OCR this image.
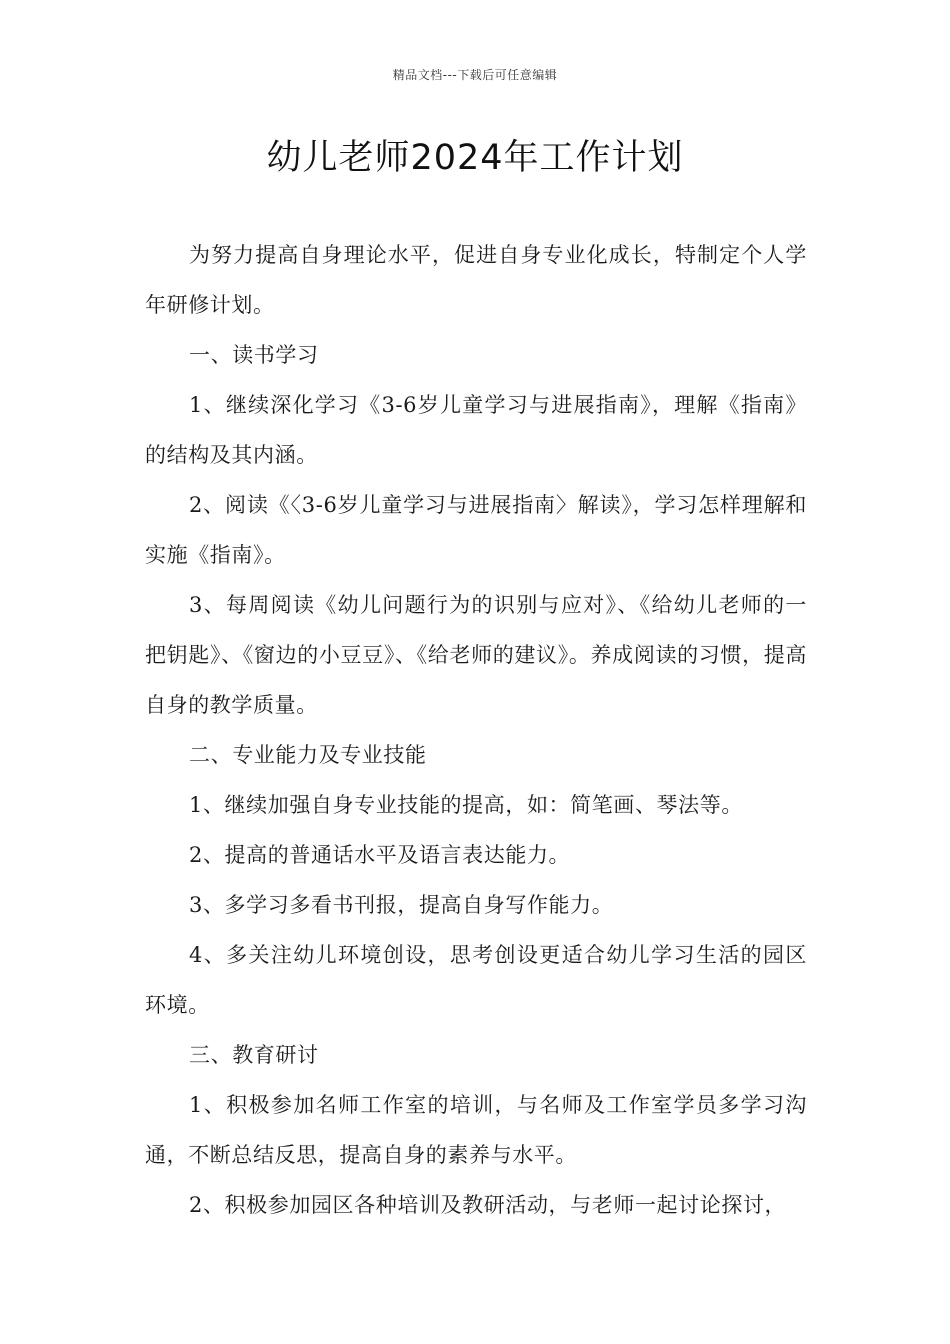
精品文档---下载后可任意编辑
幼儿老师2024年工作计划

为努力提高自身理论水平，促进自身专业化成长，特制定个人学年研修计划。

一、读书学习

1、继续深化学习《3-6岁儿童学习与进展指南》，理解《指南》的结构及其内涵。

2、阅读《〈3-6岁儿童学习与进展指南〉解读》，学习怎样理解和实施《指南》。

3、每周阅读《幼儿问题行为的识别与应对》、《给幼儿老师的一把钥匙》、《窗边的小豆豆》、《给老师的建议》。养成阅读的习惯，提高自身的教学质量。

二、专业能力及专业技能

1、继续加强自身专业技能的提高，如：简笔画、琴法等。

2、提高的普通话水平及语言表达能力。

3、多学习多看书刊报，提高自身写作能力。

4、多关注幼儿环境创设，思考创设更适合幼儿学习生活的园区环境。

三、教育研讨

1、积极参加名师工作室的培训，与名师及工作室学员多学习沟通，不断总结反思，提高自身的素养与水平。

2、积极参加园区各种培训及教研活动，与老师一起讨论探讨，
